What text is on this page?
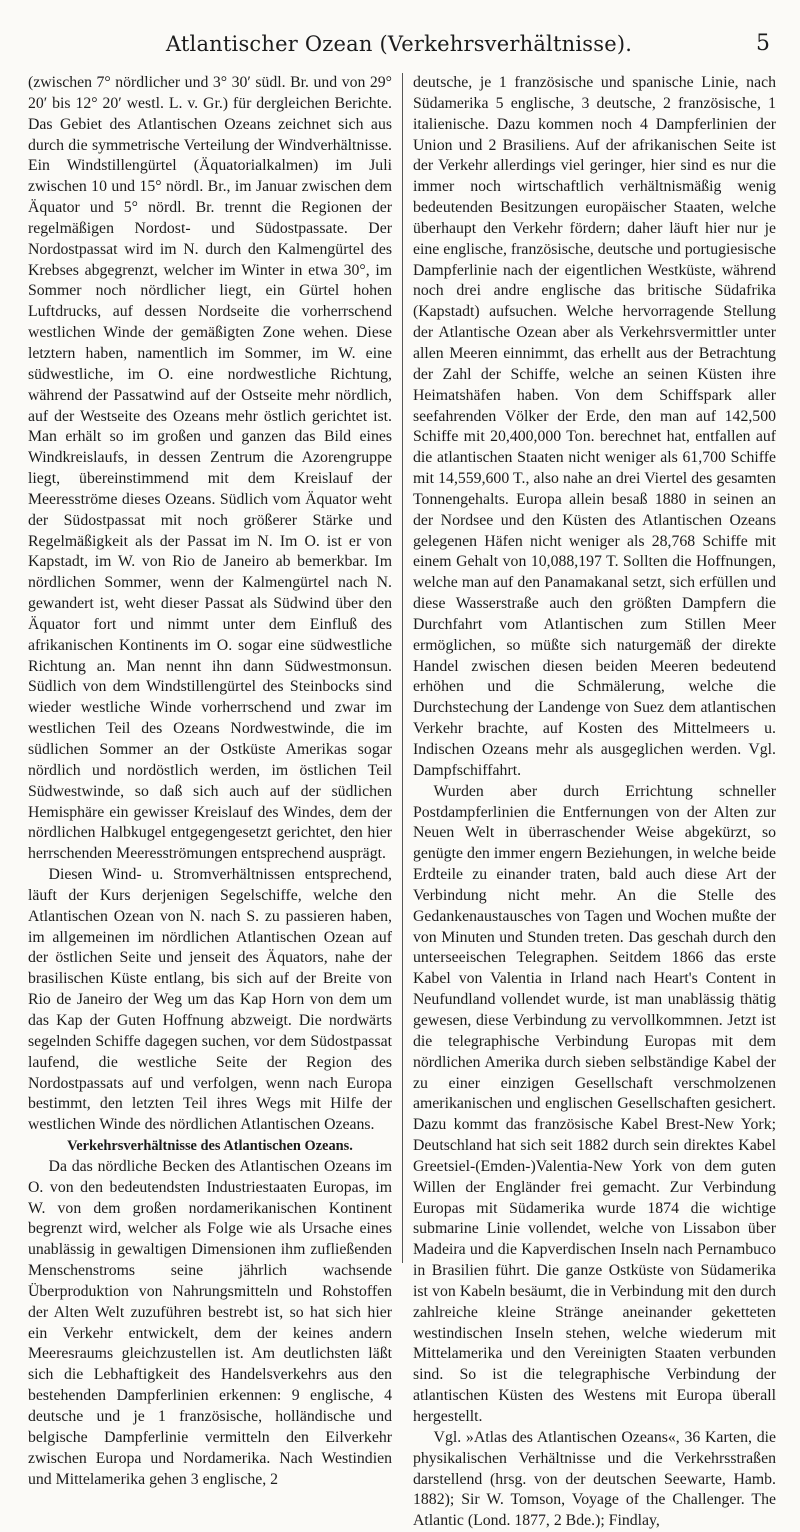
Atlantischer Ozean (Verkehrsverhältnisse).	5

(zwischen 7° nördlicher und 3° 30′ südl. Br. und von 29° 20′ bis 12° 20′ westl. L. v. Gr.) für dergleichen Berichte. Das Gebiet des Atlantischen Ozeans zeichnet sich aus durch die symmetrische Verteilung der Windverhältnisse. Ein Windstillengürtel (Äquatorialkalmen) im Juli zwischen 10 und 15° nördl. Br., im Januar zwischen dem Äquator und 5° nördl. Br. trennt die Regionen der regelmäßigen Nordost- und Südostpassate. Der Nordostpassat wird im N. durch den Kalmengürtel des Krebses abgegrenzt, welcher im Winter in etwa 30°, im Sommer noch nördlicher liegt, ein Gürtel hohen Luftdrucks, auf dessen Nordseite die vorherrschend westlichen Winde der gemäßigten Zone wehen. Diese letztern haben, namentlich im Sommer, im W. eine südwestliche, im O. eine nordwestliche Richtung, während der Passatwind auf der Ostseite mehr nördlich, auf der Westseite des Ozeans mehr östlich gerichtet ist. Man erhält so im großen und ganzen das Bild eines Windkreislaufs, in dessen Zentrum die Azorengruppe liegt, übereinstimmend mit dem Kreislauf der Meeresströme dieses Ozeans. Südlich vom Äquator weht der Südostpassat mit noch größerer Stärke und Regelmäßigkeit als der Passat im N. Im O. ist er von Kapstadt, im W. von Rio de Janeiro ab bemerkbar. Im nördlichen Sommer, wenn der Kalmengürtel nach N. gewandert ist, weht dieser Passat als Südwind über den Äquator fort und nimmt unter dem Einfluß des afrikanischen Kontinents im O. sogar eine südwestliche Richtung an. Man nennt ihn dann Südwestmonsun. Südlich von dem Windstillengürtel des Steinbocks sind wieder westliche Winde vorherrschend und zwar im westlichen Teil des Ozeans Nordwestwinde, die im südlichen Sommer an der Ostküste Amerikas sogar nördlich und nordöstlich werden, im östlichen Teil Südwestwinde, so daß sich auch auf der südlichen Hemisphäre ein gewisser Kreislauf des Windes, dem der nördlichen Halbkugel entgegengesetzt gerichtet, den hier herrschenden Meeresströmungen entsprechend ausprägt.

Diesen Wind- u. Stromverhältnissen entsprechend, läuft der Kurs derjenigen Segelschiffe, welche den Atlantischen Ozean von N. nach S. zu passieren haben, im allgemeinen im nördlichen Atlantischen Ozean auf der östlichen Seite und jenseit des Äquators, nahe der brasilischen Küste entlang, bis sich auf der Breite von Rio de Janeiro der Weg um das Kap Horn von dem um das Kap der Guten Hoffnung abzweigt. Die nordwärts segelnden Schiffe dagegen suchen, vor dem Südostpassat laufend, die westliche Seite der Region des Nordostpassats auf und verfolgen, wenn nach Europa bestimmt, den letzten Teil ihres Wegs mit Hilfe der westlichen Winde des nördlichen Atlantischen Ozeans.

Verkehrsverhältnisse des Atlantischen Ozeans.

Da das nördliche Becken des Atlantischen Ozeans im O. von den bedeutendsten Industriestaaten Europas, im W. von dem großen nordamerikanischen Kontinent begrenzt wird, welcher als Folge wie als Ursache eines unablässig in gewaltigen Dimensionen ihm zufließenden Menschenstroms seine jährlich wachsende Überproduktion von Nahrungsmitteln und Rohstoffen der Alten Welt zuzuführen bestrebt ist, so hat sich hier ein Verkehr entwickelt, dem der keines andern Meeresraums gleichzustellen ist. Am deutlichsten läßt sich die Lebhaftigkeit des Handelsverkehrs aus den bestehenden Dampferlinien erkennen: 9 englische, 4 deutsche und je 1 französische, holländische und belgische Dampferlinie vermitteln den Eilverkehr zwischen Europa und Nordamerika. Nach Westindien und Mittelamerika gehen 3 englische, 2

deutsche, je 1 französische und spanische Linie, nach Südamerika 5 englische, 3 deutsche, 2 französische, 1 italienische. Dazu kommen noch 4 Dampferlinien der Union und 2 Brasiliens. Auf der afrikanischen Seite ist der Verkehr allerdings viel geringer, hier sind es nur die immer noch wirtschaftlich verhältnismäßig wenig bedeutenden Besitzungen europäischer Staaten, welche überhaupt den Verkehr fördern; daher läuft hier nur je eine englische, französische, deutsche und portugiesische Dampferlinie nach der eigentlichen Westküste, während noch drei andre englische das britische Südafrika (Kapstadt) aufsuchen. Welche hervorragende Stellung der Atlantische Ozean aber als Verkehrsvermittler unter allen Meeren einnimmt, das erhellt aus der Betrachtung der Zahl der Schiffe, welche an seinen Küsten ihre Heimatshäfen haben. Von dem Schiffspark aller seefahrenden Völker der Erde, den man auf 142,500 Schiffe mit 20,400,000 Ton. berechnet hat, entfallen auf die atlantischen Staaten nicht weniger als 61,700 Schiffe mit 14,559,600 T., also nahe an drei Viertel des gesamten Tonnengehalts. Europa allein besaß 1880 in seinen an der Nordsee und den Küsten des Atlantischen Ozeans gelegenen Häfen nicht weniger als 28,768 Schiffe mit einem Gehalt von 10,088,197 T. Sollten die Hoffnungen, welche man auf den Panamakanal setzt, sich erfüllen und diese Wasserstraße auch den größten Dampfern die Durchfahrt vom Atlantischen zum Stillen Meer ermöglichen, so müßte sich naturgemäß der direkte Handel zwischen diesen beiden Meeren bedeutend erhöhen und die Schmälerung, welche die Durchstechung der Landenge von Suez dem atlantischen Verkehr brachte, auf Kosten des Mittelmeers u. Indischen Ozeans mehr als ausgeglichen werden. Vgl. Dampfschiffahrt.

Wurden aber durch Errichtung schneller Postdampferlinien die Entfernungen von der Alten zur Neuen Welt in überraschender Weise abgekürzt, so genügte den immer engern Beziehungen, in welche beide Erdteile zu einander traten, bald auch diese Art der Verbindung nicht mehr. An die Stelle des Gedankenaustausches von Tagen und Wochen mußte der von Minuten und Stunden treten. Das geschah durch den unterseeischen Telegraphen. Seitdem 1866 das erste Kabel von Valentia in Irland nach Heart's Content in Neufundland vollendet wurde, ist man unablässig thätig gewesen, diese Verbindung zu vervollkommnen. Jetzt ist die telegraphische Verbindung Europas mit dem nördlichen Amerika durch sieben selbständige Kabel der zu einer einzigen Gesellschaft verschmolzenen amerikanischen und englischen Gesellschaften gesichert. Dazu kommt das französische Kabel Brest-New York; Deutschland hat sich seit 1882 durch sein direktes Kabel Greetsiel-(Emden-)Valentia-New York von dem guten Willen der Engländer frei gemacht. Zur Verbindung Europas mit Südamerika wurde 1874 die wichtige submarine Linie vollendet, welche von Lissabon über Madeira und die Kapverdischen Inseln nach Pernambuco in Brasilien führt. Die ganze Ostküste von Südamerika ist von Kabeln besäumt, die in Verbindung mit den durch zahlreiche kleine Stränge aneinander geketteten westindischen Inseln stehen, welche wiederum mit Mittelamerika und den Vereinigten Staaten verbunden sind. So ist die telegraphische Verbindung der atlantischen Küsten des Westens mit Europa überall hergestellt.

Vgl. »Atlas des Atlantischen Ozeans«, 36 Karten, die physikalischen Verhältnisse und die Verkehrsstraßen darstellend (hrsg. von der deutschen Seewarte, Hamb. 1882); Sir W. Tomson, Voyage of the Challenger. The Atlantic (Lond. 1877, 2 Bde.); Findlay,
